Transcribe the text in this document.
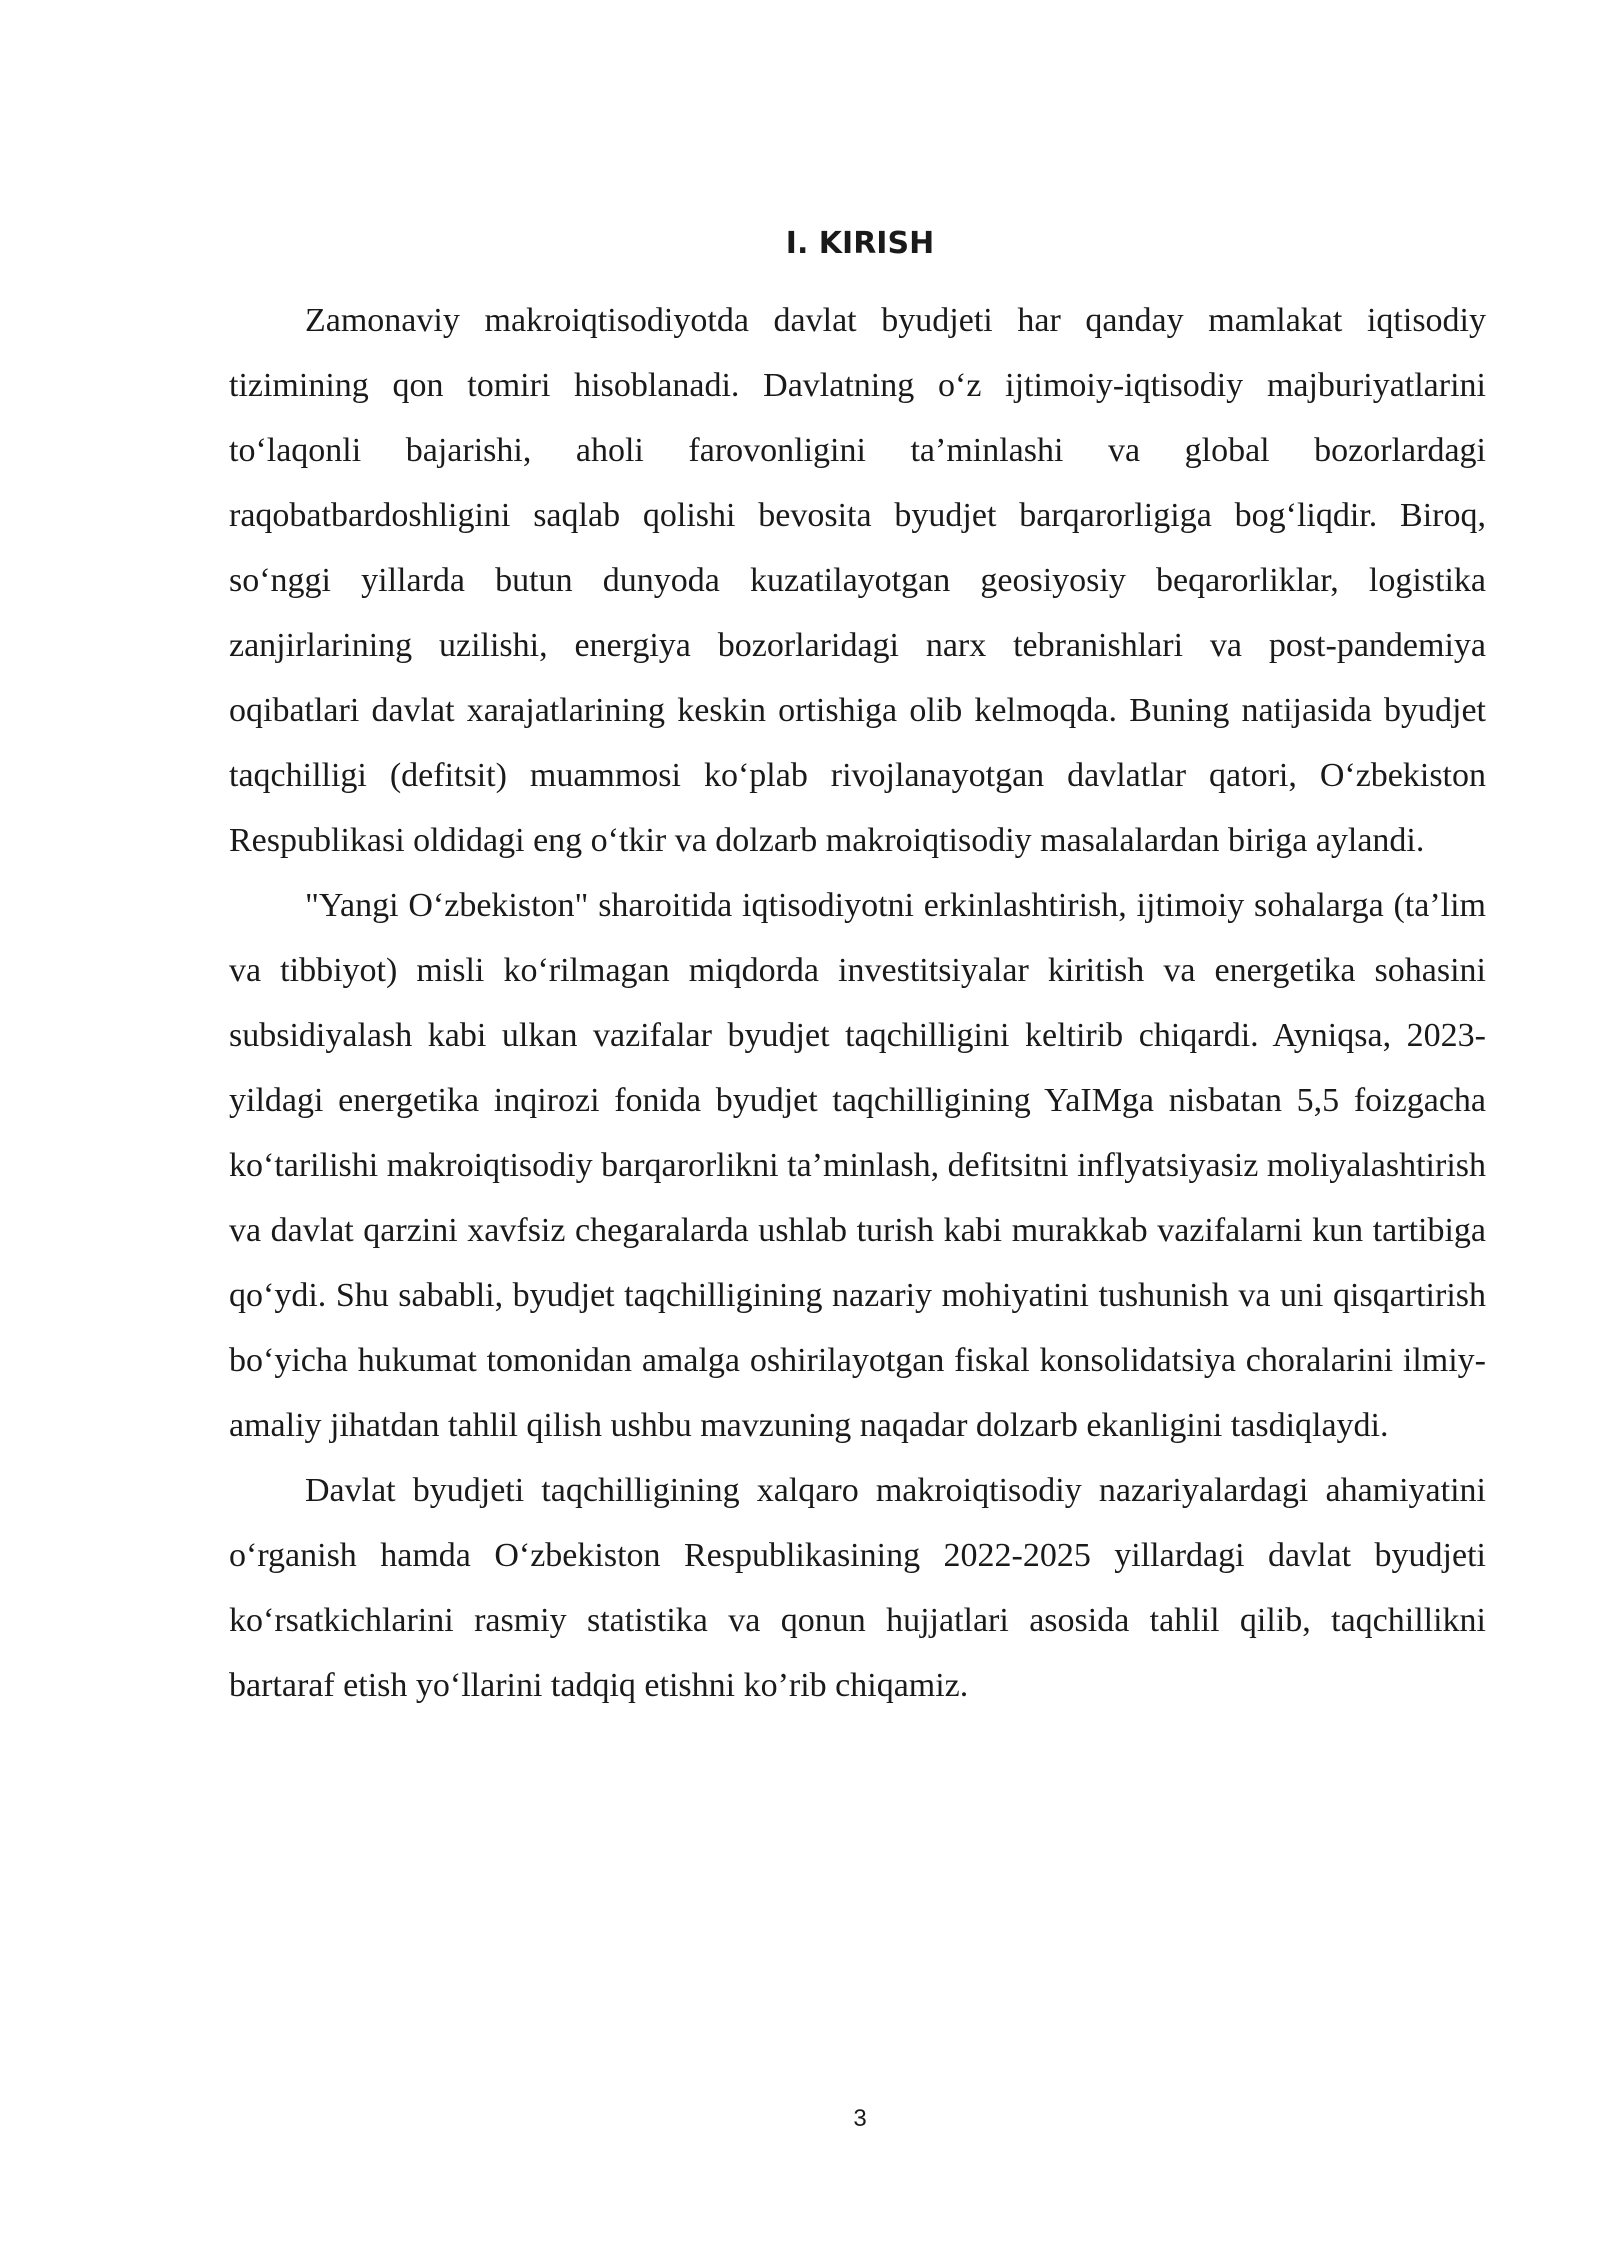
I. KIRISH

Zamonaviy makroiqtisodiyotda davlat byudjeti har qanday mamlakat iqtisodiy tizimining qon tomiri hisoblanadi. Davlatning o‘z ijtimoiy-iqtisodiy majburiyatlarini to‘laqonli bajarishi, aholi farovonligini ta’minlashi va global bozorlardagi raqobatbardoshligini saqlab qolishi bevosita byudjet barqarorligiga bog‘liqdir. Biroq, so‘nggi yillarda butun dunyoda kuzatilayotgan geosiyosiy beqarorliklar, logistika zanjirlarining uzilishi, energiya bozorlaridagi narx tebranishlari va post-pandemiya oqibatlari davlat xarajatlarining keskin ortishiga olib kelmoqda. Buning natijasida byudjet taqchilligi (defitsit) muammosi ko‘plab rivojlanayotgan davlatlar qatori, O‘zbekiston Respublikasi oldidagi eng o‘tkir va dolzarb makroiqtisodiy masalalardan biriga aylandi.

"Yangi O‘zbekiston" sharoitida iqtisodiyotni erkinlashtirish, ijtimoiy sohalarga (ta’lim va tibbiyot) misli ko‘rilmagan miqdorda investitsiyalar kiritish va energetika sohasini subsidiyalash kabi ulkan vazifalar byudjet taqchilligini keltirib chiqardi. Ayniqsa, 2023-yildagi energetika inqirozi fonida byudjet taqchilligining YaIMga nisbatan 5,5 foizgacha ko‘tarilishi makroiqtisodiy barqarorlikni ta’minlash, defitsitni inflyatsiyasiz moliyalashtirish va davlat qarzini xavfsiz chegaralarda ushlab turish kabi murakkab vazifalarni kun tartibiga qo‘ydi. Shu sababli, byudjet taqchilligining nazariy mohiyatini tushunish va uni qisqartirish bo‘yicha hukumat tomonidan amalga oshirilayotgan fiskal konsolidatsiya choralarini ilmiy-amaliy jihatdan tahlil qilish ushbu mavzuning naqadar dolzarb ekanligini tasdiqlaydi.

Davlat byudjeti taqchilligining xalqaro makroiqtisodiy nazariyalardagi ahamiyatini o‘rganish hamda O‘zbekiston Respublikasining 2022-2025 yillardagi davlat byudjeti ko‘rsatkichlarini rasmiy statistika va qonun hujjatlari asosida tahlil qilib, taqchillikni bartaraf etish yo‘llarini tadqiq etishni ko’rib chiqamiz.

3
